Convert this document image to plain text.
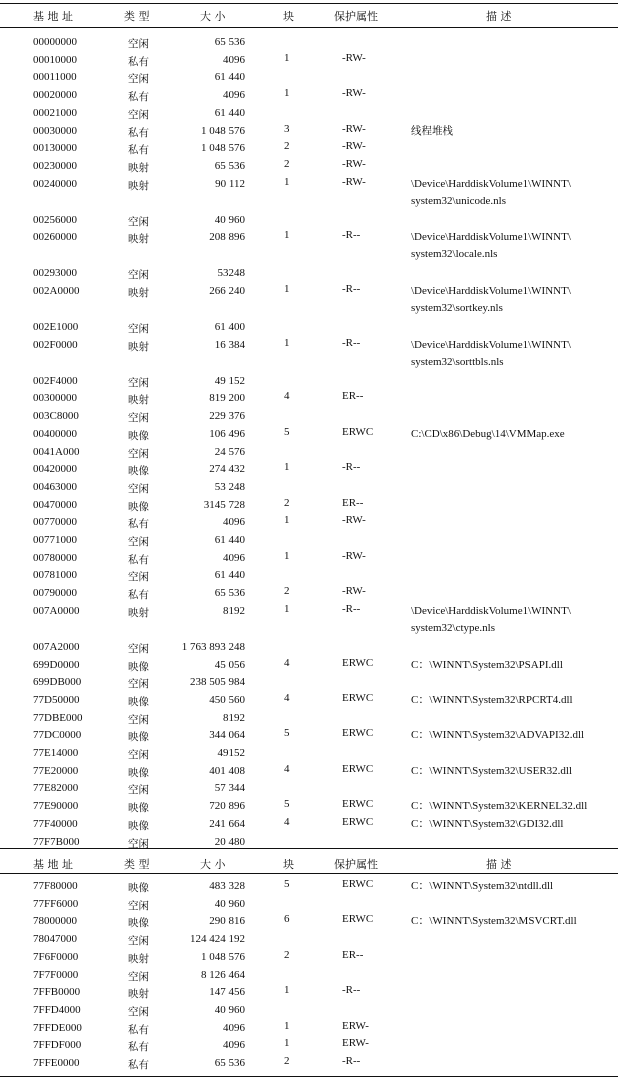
基 地 址	类 型	大 小	块	保护属性	描 述
00000000	空闲	65 536
00010000	私有	4096	1	-RW-
00011000	空闲	61 440
00020000	私有	4096	1	-RW-
00021000	空闲	61 440
00030000	私有	1 048 576	3	-RW-	线程堆栈
00130000	私有	1 048 576	2	-RW-
00230000	映射	65 536	2	-RW-
00240000	映射	90 112	1	-RW-	\Device\HarddiskVolume1\WINNT\ system32\unicode.nls
00256000	空闲	40 960
00260000	映射	208 896	1	-R--	\Device\HarddiskVolume1\WINNT\ system32\locale.nls
00293000	空闲	53248
002A0000	映射	266 240	1	-R--	\Device\HarddiskVolume1\WINNT\ system32\sortkey.nls
002E1000	空闲	61 400
002F0000	映射	16 384	1	-R--	\Device\HarddiskVolume1\WINNT\ system32\sorttbls.nls
002F4000	空闲	49 152
00300000	映射	819 200	4	ER--
003C8000	空闲	229 376
00400000	映像	106 496	5	ERWC	C:\CD\x86\Debug\14\VMMap.exe
0041A000	空闲	24 576
00420000	映像	274 432	1	-R--
00463000	空闲	53 248
00470000	映像	3145 728	2	ER--
00770000	私有	4096	1	-RW-
00771000	空闲	61 440
00780000	私有	4096	1	-RW-
00781000	空闲	61 440
00790000	私有	65 536	2	-RW-
007A0000	映射	8192	1	-R--	\Device\HarddiskVolume1\WINNT\ system32\ctype.nls
007A2000	空闲	1 763 893 248
699D0000	映像	45 056	4	ERWC	C：\WINNT\System32\PSAPI.dll
699DB000	空闲	238 505 984
77D50000	映像	450 560	4	ERWC	C：\WINNT\System32\RPCRT4.dll
77DBE000	空闲	8192
77DC0000	映像	344 064	5	ERWC	C：\WINNT\System32\ADVAPI32.dll
77E14000	空闲	49152
77E20000	映像	401 408	4	ERWC	C：\WINNT\System32\USER32.dll
77E82000	空闲	57 344
77E90000	映像	720 896	5	ERWC	C：\WINNT\System32\KERNEL32.dll
77F40000	映像	241 664	4	ERWC	C：\WINNT\System32\GDI32.dll
77F7B000	空闲	20 480
基 地 址	类 型	大 小	块	保护属性	描 述
77F80000	映像	483 328	5	ERWC	C：\WINNT\System32\ntdll.dll
77FF6000	空闲	40 960
78000000	映像	290 816	6	ERWC	C：\WINNT\System32\MSVCRT.dll
78047000	空闲	124 424 192
7F6F0000	映射	1 048 576	2	ER--
7F7F0000	空闲	8 126 464
7FFB0000	映射	147 456	1	-R--
7FFD4000	空闲	40 960
7FFDE000	私有	4096	1	ERW-
7FFDF000	私有	4096	1	ERW-
7FFE0000	私有	65 536	2	-R--
